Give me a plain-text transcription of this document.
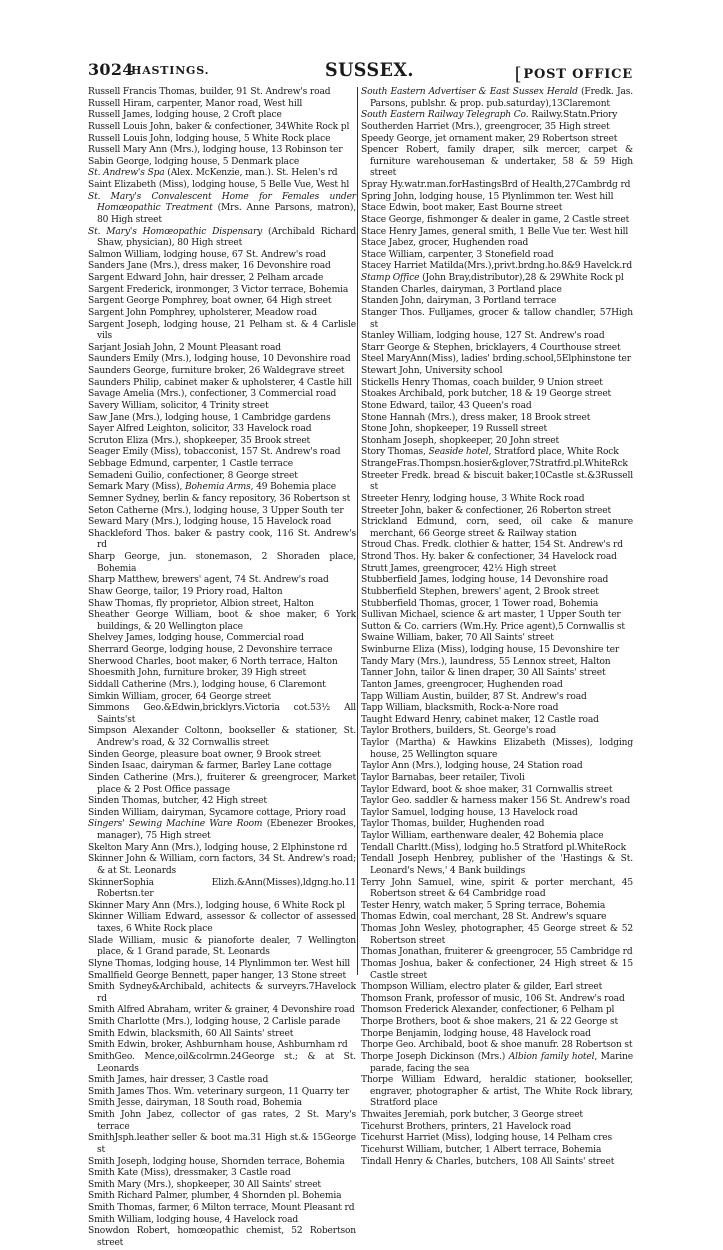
3024
HASTINGS.	SUSSEX.	[POST OFFICE
Russell Francis Thomas, builder, 91 St. Andrew's road
Russell Hiram, carpenter, Manor road, West hill
Russell James, lodging house, 2 Croft place
Russell Louis John, baker & confectioner, 34White Rock pl
Russell Louis John, lodging house, 5 White Rock place
Russell Mary Ann (Mrs.), lodging house, 13 Robinson ter
Sabin George, lodging house, 5 Denmark place
St. Andrew's Spa (Alex. McKenzie, man.). St. Helen's rd
Saint Elizabeth (Miss), lodging house, 5 Belle Vue, West hl
St. Mary's Convalescent Home for Females under Homœopathic Treatment (Mrs. Anne Parsons, matron), 80 High street
St. Mary's Homœopathic Dispensary (Archibald Richard Shaw, physician), 80 High street
Salmon William, lodging house, 67 St. Andrew's road
Sanders Jane (Mrs.), dress maker, 16 Devonshire road
Sargent Edward John, hair dresser, 2 Pelham arcade
Sargent Frederick, ironmonger, 3 Victor terrace, Bohemia
Sargent George Pomphrey, boat owner, 64 High street
Sargent John Pomphrey, upholsterer, Meadow road
Sargent Joseph, lodging house, 21 Pelham st. & 4 Carlisle vils
Sarjant Josiah John, 2 Mount Pleasant road
Saunders Emily (Mrs.), lodging house, 10 Devonshire road
Saunders George, furniture broker, 26 Waldegrave street
Saunders Philip, cabinet maker & upholsterer, 4 Castle hill
Savage Amelia (Mrs.), confectioner, 3 Commercial road
Savery William, solicitor, 4 Trinity street
Saw Jane (Mrs.), lodging house, 1 Cambridge gardens
Sayer Alfred Leighton, solicitor, 33 Havelock road
Scruton Eliza (Mrs.), shopkeeper, 35 Brook street
Seager Emily (Miss), tobacconist, 157 St. Andrew's road
Sebbage Edmund, carpenter, 1 Castle terrace
Semadeni Guilio, confectioner, 8 George street
Semark Mary (Miss), Bohemia Arms, 49 Bohemia place
Semner Sydney, berlin & fancy repository, 36 Robertson st
Seton Catherne (Mrs.), lodging house, 3 Upper South ter
Seward Mary (Mrs.), lodging house, 15 Havelock road
Shackleford Thos. baker & pastry cook, 116 St. Andrew's rd
Sharp George, jun. stonemason, 2 Shoraden place, Bohemia
Sharp Matthew, brewers' agent, 74 St. Andrew's road
Shaw George, tailor, 19 Priory road, Halton
Shaw Thomas, fly proprietor, Albion street, Halton
Sheather George William, boot & shoe maker, 6 York buildings, & 20 Wellington place
Shelvey James, lodging house, Commercial road
Sherrard George, lodging house, 2 Devonshire terrace
Sherwood Charles, boot maker, 6 North terrace, Halton
Shoesmith John, furniture broker, 39 High street
Siddall Catherine (Mrs.), lodging house, 6 Claremont
Simkin William, grocer, 64 George street
Simmons Geo.&Edwin,bricklyrs.Victoria cot.53½ All Saints'st
Simpson Alexander Coltonn, bookseller & stationer, St. Andrew's road, & 32 Cornwallis street
Sinden George, pleasure boat owner, 9 Brook street
Sinden Isaac, dairyman & farmer, Barley Lane cottage
Sinden Catherine (Mrs.), fruiterer & greengrocer, Market place & 2 Post Office passage
Sinden Thomas, butcher, 42 High street
Sinden William, dairyman, Sycamore cottage, Priory road
Singers' Sewing Machine Ware Room (Ebenezer Brookes, manager), 75 High street
Skelton Mary Ann (Mrs.), lodging house, 2 Elphinstone rd
Skinner John & William, corn factors, 34 St. Andrew's road; & at St. Leonards
SkinnerSophia Elizh.&Ann(Misses),ldgng.ho.11 Robertsn.ter
Skinner Mary Ann (Mrs.), lodging house, 6 White Rock pl
Skinner William Edward, assessor & collector of assessed taxes, 6 White Rock place
Slade William, music & pianoforte dealer, 7 Wellington place, & 1 Grand parade, St. Leonards
Slyne Thomas, lodging house, 14 Plynlimmon ter. West hill
Smallfield George Bennett, paper hanger, 13 Stone street
Smith Sydney&Archibald, achitects & surveyrs.7Havelock rd
Smith Alfred Abraham, writer & grainer, 4 Devonshire road
Smith Charlotte (Mrs.), lodging house, 2 Carlisle parade
Smith Edwin, blacksmith, 60 All Saints' street
Smith Edwin, broker, Ashburnham house, Ashburnham rd
SmithGeo. Mence,oil&colrmn.24George st.; & at St. Leonards
Smith James, hair dresser, 3 Castle road
Smith James Thos. Wm. veterinary surgeon, 11 Quarry ter
Smith Jesse, dairyman, 18 South road, Bohemia
Smith John Jabez, collector of gas rates, 2 St. Mary's terrace
SmithJsph.leather seller & boot ma.31 High st.& 15George st
Smith Joseph, lodging house, Shornden terrace, Bohemia
Smith Kate (Miss), dressmaker, 3 Castle road
Smith Mary (Mrs.), shopkeeper, 30 All Saints' street
Smith Richard Palmer, plumber, 4 Shornden pl. Bohemia
Smith Thomas, farmer, 6 Milton terrace, Mount Pleasant rd
Smith William, lodging house, 4 Havelock road
Snowdon Robert, homœopathic chemist, 52 Robertson street
South Eastern Advertiser & East Sussex Herald (Fredk. Jas. Parsons, publshr. & prop. pub.saturday),13Claremont
South Eastern Railway Telegraph Co. Railwy.Statn.Priory
Southerden Harriet (Mrs.), greengrocer, 35 High street
Speedy George, jet ornament maker, 29 Robertson street
Spencer Robert, family draper, silk mercer, carpet & furniture warehouseman & undertaker, 58 & 59 High street
Spray Hy.watr.man.forHastingsBrd of Health,27Cambrdg rd
Spring John, lodging house, 15 Plynlimmon ter. West hill
Stace Edwin, boot maker, East Bourne street
Stace George, fishmonger & dealer in game, 2 Castle street
Stace Henry James, general smith, 1 Belle Vue ter. West hill
Stace Jabez, grocer, Hughenden road
Stace William, carpenter, 3 Stonefield road
Stacey Harriet Matilda(Mrs.),privt.brdng.ho.8&9 Havelck.rd
Stamp Office (John Bray,distributor),28 & 29White Rock pl
Standen Charles, dairyman, 3 Portland place
Standen John, dairyman, 3 Portland terrace
Stanger Thos. Fulljames, grocer & tallow chandler, 57High st
Stanley William, lodging house, 127 St. Andrew's road
Starr George & Stephen, bricklayers, 4 Courthouse street
Steel MaryAnn(Miss), ladies' brding.school,5Elphinstone ter
Stewart John, University school
Stickells Henry Thomas, coach builder, 9 Union street
Stoakes Archibald, pork butcher, 18 & 19 George street
Stone Edward, tailor, 43 Queen's road
Stone Hannah (Mrs.), dress maker, 18 Brook street
Stone John, shopkeeper, 19 Russell street
Stonham Joseph, shopkeeper, 20 John street
Story Thomas, Seaside hotel, Stratford place, White Rock
StrangeFras.Thompsn.hosier&glover,7Stratfrd.pl.WhiteRck
Streeter Fredk. bread & biscuit baker,10Castle st.&3Russell st
Streeter Henry, lodging house, 3 White Rock road
Streeter John, baker & confectioner, 26 Roberton street
Strickland Edmund, corn, seed, oil cake & manure merchant, 66 George street & Railway station
Stroud Chas. Fredk. clothier & hatter, 154 St. Andrew's rd
Strond Thos. Hy. baker & confectioner, 34 Havelock road
Strutt James, greengrocer, 42½ High street
Stubberfield James, lodging house, 14 Devonshire road
Stubberfield Stephen, brewers' agent, 2 Brook street
Stubberfield Thomas, grocer, 1 Tower road, Bohemia
Sullivan Michael, science & art master, 1 Upper South ter
Sutton & Co. carriers (Wm.Hy. Price agent),5 Cornwallis st
Swaine William, baker, 70 All Saints' street
Swinburne Eliza (Miss), lodging house, 15 Devonshire ter
Tandy Mary (Mrs.), laundress, 55 Lennox street, Halton
Tanner John, tailor & linen draper, 30 All Saints' street
Tanton James, greengrocer, Hughenden road
Tapp William Austin, builder, 87 St. Andrew's road
Tapp William, blacksmith, Rock-a-Nore road
Taught Edward Henry, cabinet maker, 12 Castle road
Taylor Brothers, builders, St. George's road
Taylor (Martha) & Hawkins Elizabeth (Misses), lodging house, 25 Wellington square
Taylor Ann (Mrs.), lodging house, 24 Station road
Taylor Barnabas, beer retailer, Tivoli
Taylor Edward, boot & shoe maker, 31 Cornwallis street
Taylor Geo. saddler & harness maker 156 St. Andrew's road
Taylor Samuel, lodging house, 13 Havelock road
Taylor Thomas, builder, Hughenden road
Taylor William, earthenware dealer, 42 Bohemia place
Tendall Charltt.(Miss), lodging ho.5 Stratford pl.WhiteRock
Tendall Joseph Henbrey, publisher of the 'Hastings & St. Leonard's News,' 4 Bank buildings
Terry John Samuel, wine, spirit & porter merchant, 45 Robertson street & 64 Cambridge road
Tester Henry, watch maker, 5 Spring terrace, Bohemia
Thomas Edwin, coal merchant, 28 St. Andrew's square
Thomas John Wesley, photographer, 45 George street & 52 Robertson street
Thomas Jonathan, fruiterer & greengrocer, 55 Cambridge rd
Thomas Joshua, baker & confectioner, 24 High street & 15 Castle street
Thompson William, electro plater & gilder, Earl street
Thomson Frank, professor of music, 106 St. Andrew's road
Thomson Frederick Alexander, confectioner, 6 Pelham pl
Thorpe Brothers, boot & shoe makers, 21 & 22 George st
Thorpe Benjamin, lodging house, 48 Havelock road
Thorpe Geo. Archibald, boot & shoe manufr. 28 Robertson st
Thorpe Joseph Dickinson (Mrs.) Albion family hotel, Marine parade, facing the sea
Thorpe William Edward, heraldic stationer, bookseller, engraver, photographer & artist, The White Rock library, Stratford place
Thwaites Jeremiah, pork butcher, 3 George street
Ticehurst Brothers, printers, 21 Havelock road
Ticehurst Harriet (Miss), lodging house, 14 Pelham cres
Ticehurst William, butcher, 1 Albert terrace, Bohemia
Tindall Henry & Charles, butchers, 108 All Saints' street
